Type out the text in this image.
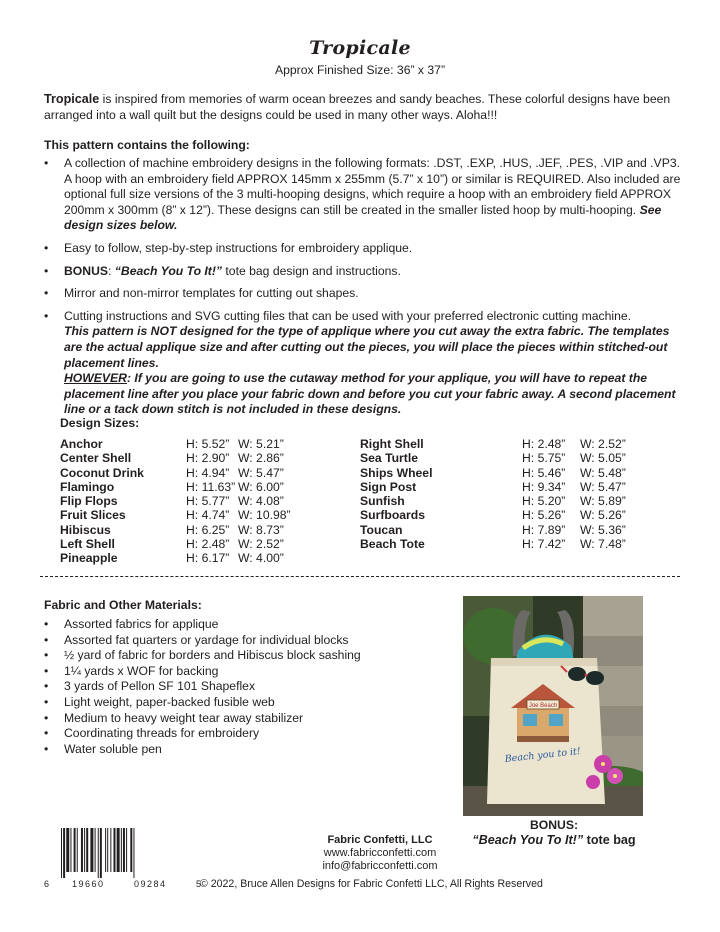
Tropicale
Approx Finished Size: 36” x 37”
Tropicale is inspired from memories of warm ocean breezes and sandy beaches. These colorful designs have been arranged into a wall quilt but the designs could be used in many other ways. Aloha!!!
This pattern contains the following:
• A collection of machine embroidery designs in the following formats: .DST, .EXP, .HUS, .JEF, .PES, .VIP and .VP3. A hoop with an embroidery field APPROX 145mm x 255mm (5.7” x 10”) or similar is REQUIRED. Also included are optional full size versions of the 3 multi-hooping designs, which require a hoop with an embroidery field APPROX 200mm x 300mm (8” x 12”). These designs can still be created in the smaller listed hoop by multi-hooping. See design sizes below.
• Easy to follow, step-by-step instructions for embroidery applique.
• BONUS: “Beach You To It!” tote bag design and instructions.
• Mirror and non-mirror templates for cutting out shapes.
• Cutting instructions and SVG cutting files that can be used with your preferred electronic cutting machine.
This pattern is NOT designed for the type of applique where you cut away the extra fabric. The templates are the actual applique size and after cutting out the pieces, you will place the pieces within stitched-out placement lines.
HOWEVER: If you are going to use the cutaway method for your applique, you will have to repeat the placement line after you place your fabric down and before you cut your fabric away. A second placement line or a tack down stitch is not included in these designs.
Design Sizes:
Anchor	H: 5.52” W: 5.21”
Center Shell	H: 2.90” W: 2.86”
Coconut Drink	H: 4.94” W: 5.47”
Flamingo	H: 11.63” W: 6.00”
Flip Flops	H: 5.77” W: 4.08”
Fruit Slices	H: 4.74” W: 10.98”
Hibiscus	H: 6.25” W: 8.73”
Left Shell	H: 2.48” W: 2.52”
Pineapple	H: 6.17” W: 4.00”
Right Shell	H: 2.48” W: 2.52”
Sea Turtle	H: 5.75” W: 5.05”
Ships Wheel	H: 5.46” W: 5.48”
Sign Post	H: 9.34” W: 5.47”
Sunfish	H: 5.20” W: 5.89”
Surfboards	H: 5.26” W: 5.26”
Toucan	H: 7.89” W: 5.36”
Beach Tote	H: 7.42” W: 7.48”
Fabric and Other Materials:
• Assorted fabrics for applique
• Assorted fat quarters or yardage for individual blocks
• ½ yard of fabric for borders and Hibiscus block sashing
• 1¼ yards x WOF for backing
• 3 yards of Pellon SF 101 Shapeflex
• Light weight, paper-backed fusible web
• Medium to heavy weight tear away stabilizer
• Coordinating threads for embroidery
• Water soluble pen
Joe Beach
Beach you to it!
BONUS:
“Beach You To It!” tote bag
6	19660	09284	5
Fabric Confetti, LLC
www.fabricconfetti.com
info@fabricconfetti.com
© 2022, Bruce Allen Designs for Fabric Confetti LLC, All Rights Reserved
